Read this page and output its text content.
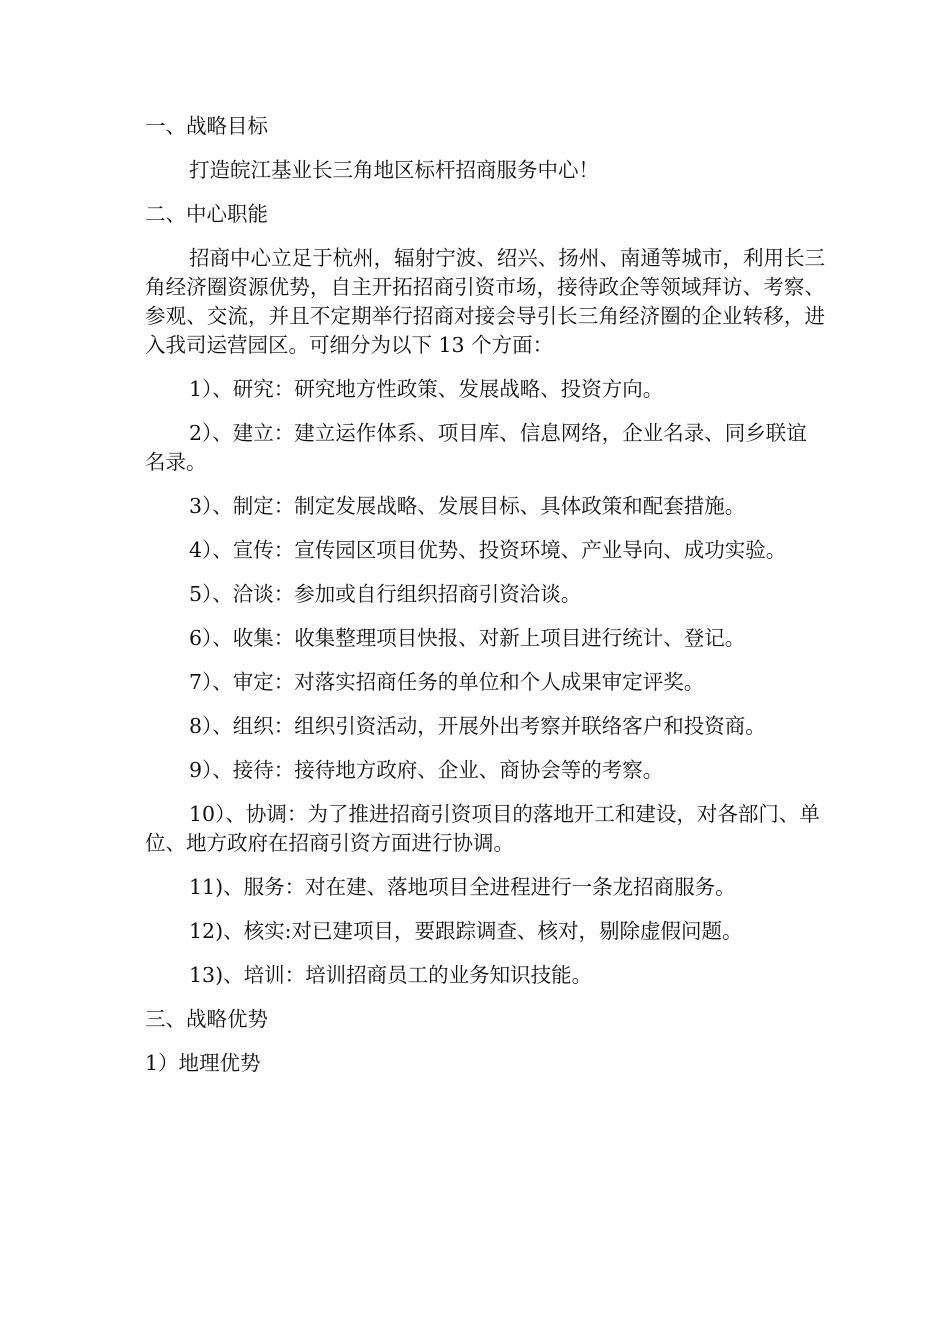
一、战略目标

打造皖江基业长三角地区标杆招商服务中心！

二、中心职能

招商中心立足于杭州，辐射宁波、绍兴、扬州、南通等城市，利用长三角经济圈资源优势，自主开拓招商引资市场，接待政企等领域拜访、考察、参观、交流，并且不定期举行招商对接会导引长三角经济圈的企业转移，进入我司运营园区。可细分为以下 13 个方面：

1）、研究：研究地方性政策、发展战略、投资方向。

2）、建立：建立运作体系、项目库、信息网络，企业名录、同乡联谊名录。

3）、制定：制定发展战略、发展目标、具体政策和配套措施。

4）、宣传：宣传园区项目优势、投资环境、产业导向、成功实验。

5）、洽谈：参加或自行组织招商引资洽谈。

6）、收集：收集整理项目快报、对新上项目进行统计、登记。

7）、审定：对落实招商任务的单位和个人成果审定评奖。

8）、组织：组织引资活动，开展外出考察并联络客户和投资商。

9）、接待：接待地方政府、企业、商协会等的考察。

10）、协调：为了推进招商引资项目的落地开工和建设，对各部门、单位、地方政府在招商引资方面进行协调。

11)、服务：对在建、落地项目全进程进行一条龙招商服务。

12)、核实:对已建项目，要跟踪调查、核对，剔除虚假问题。

13)、培训：培训招商员工的业务知识技能。

三、战略优势

1）地理优势
